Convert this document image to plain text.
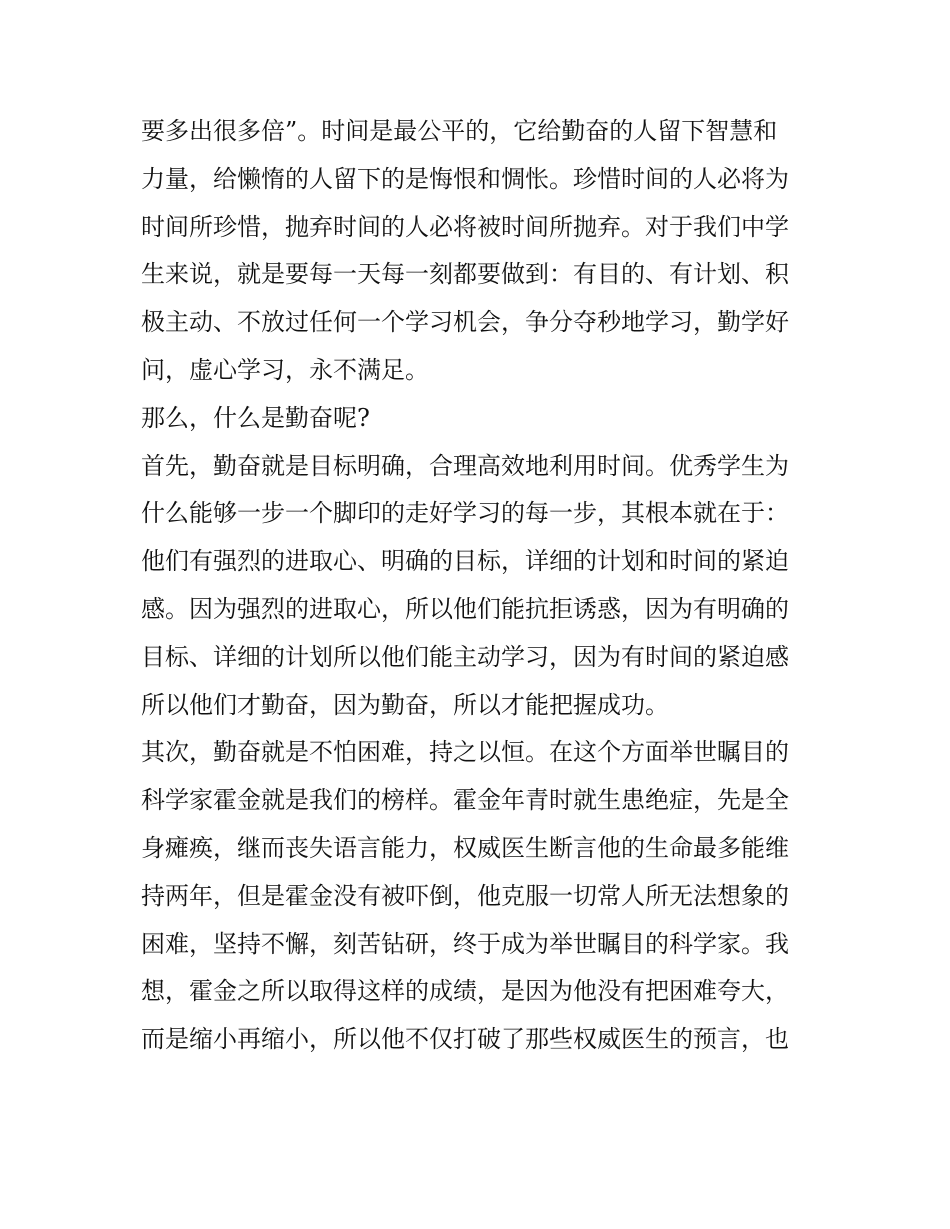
要多出很多倍”。时间是最公平的，它给勤奋的人留下智慧和
力量，给懒惰的人留下的是悔恨和惆怅。珍惜时间的人必将为
时间所珍惜，抛弃时间的人必将被时间所抛弃。对于我们中学
生来说，就是要每一天每一刻都要做到：有目的、有计划、积
极主动、不放过任何一个学习机会，争分夺秒地学习，勤学好
问，虚心学习，永不满足。
那么，什么是勤奋呢?
首先，勤奋就是目标明确，合理高效地利用时间。优秀学生为
什么能够一步一个脚印的走好学习的每一步，其根本就在于：
他们有强烈的进取心、明确的目标，详细的计划和时间的紧迫
感。因为强烈的进取心，所以他们能抗拒诱惑，因为有明确的
目标、详细的计划所以他们能主动学习，因为有时间的紧迫感
所以他们才勤奋，因为勤奋，所以才能把握成功。
其次，勤奋就是不怕困难，持之以恒。在这个方面举世瞩目的
科学家霍金就是我们的榜样。霍金年青时就生患绝症，先是全
身瘫痪，继而丧失语言能力，权威医生断言他的生命最多能维
持两年，但是霍金没有被吓倒，他克服一切常人所无法想象的
困难，坚持不懈，刻苦钻研，终于成为举世瞩目的科学家。我
想，霍金之所以取得这样的成绩，是因为他没有把困难夸大，
而是缩小再缩小，所以他不仅打破了那些权威医生的预言，也
